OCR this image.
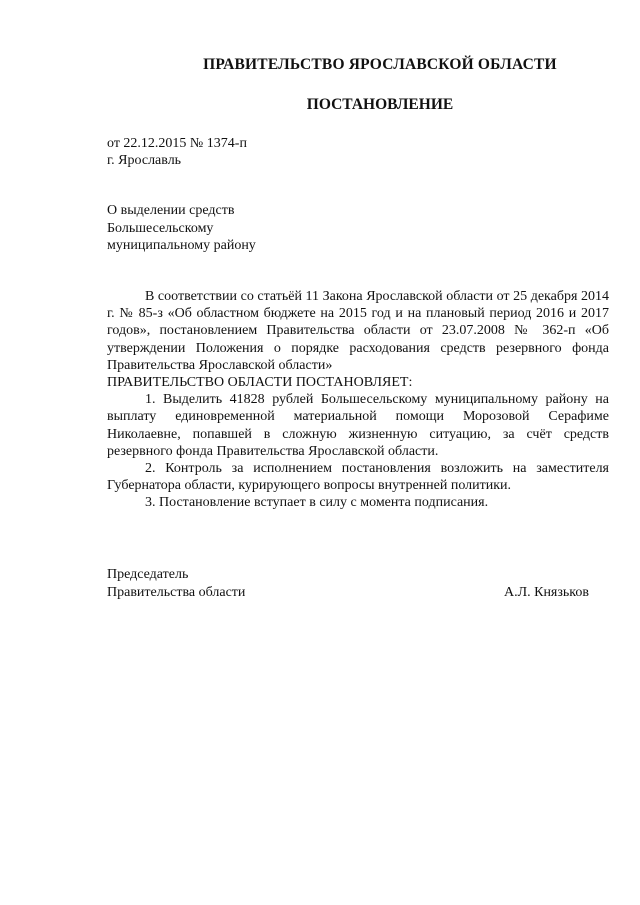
ПРАВИТЕЛЬСТВО ЯРОСЛАВСКОЙ ОБЛАСТИ
ПОСТАНОВЛЕНИЕ
от 22.12.2015 № 1374-п
г. Ярославль
О выделении средств
Большесельскому
муниципальному району

В соответствии со статьёй 11 Закона Ярославской области от 25 декабря 2014 г. № 85-з «Об областном бюджете на 2015 год и на плановый период 2016 и 2017 годов», постановлением Правительства области от 23.07.2008 № 362-п «Об утверждении Положения о порядке расходования средств резервного фонда Правительства Ярославской области»

ПРАВИТЕЛЬСТВО ОБЛАСТИ ПОСТАНОВЛЯЕТ:

1. Выделить 41828 рублей Большесельскому муниципальному району на выплату единовременной материальной помощи Морозовой Серафиме Николаевне, попавшей в сложную жизненную ситуацию, за счёт средств резервного фонда Правительства Ярославской области.

2. Контроль за исполнением постановления возложить на заместителя Губернатора области, курирующего вопросы внутренней политики.

3. Постановление вступает в силу с момента подписания.

Председатель
Правительства области	А.Л. Князьков
